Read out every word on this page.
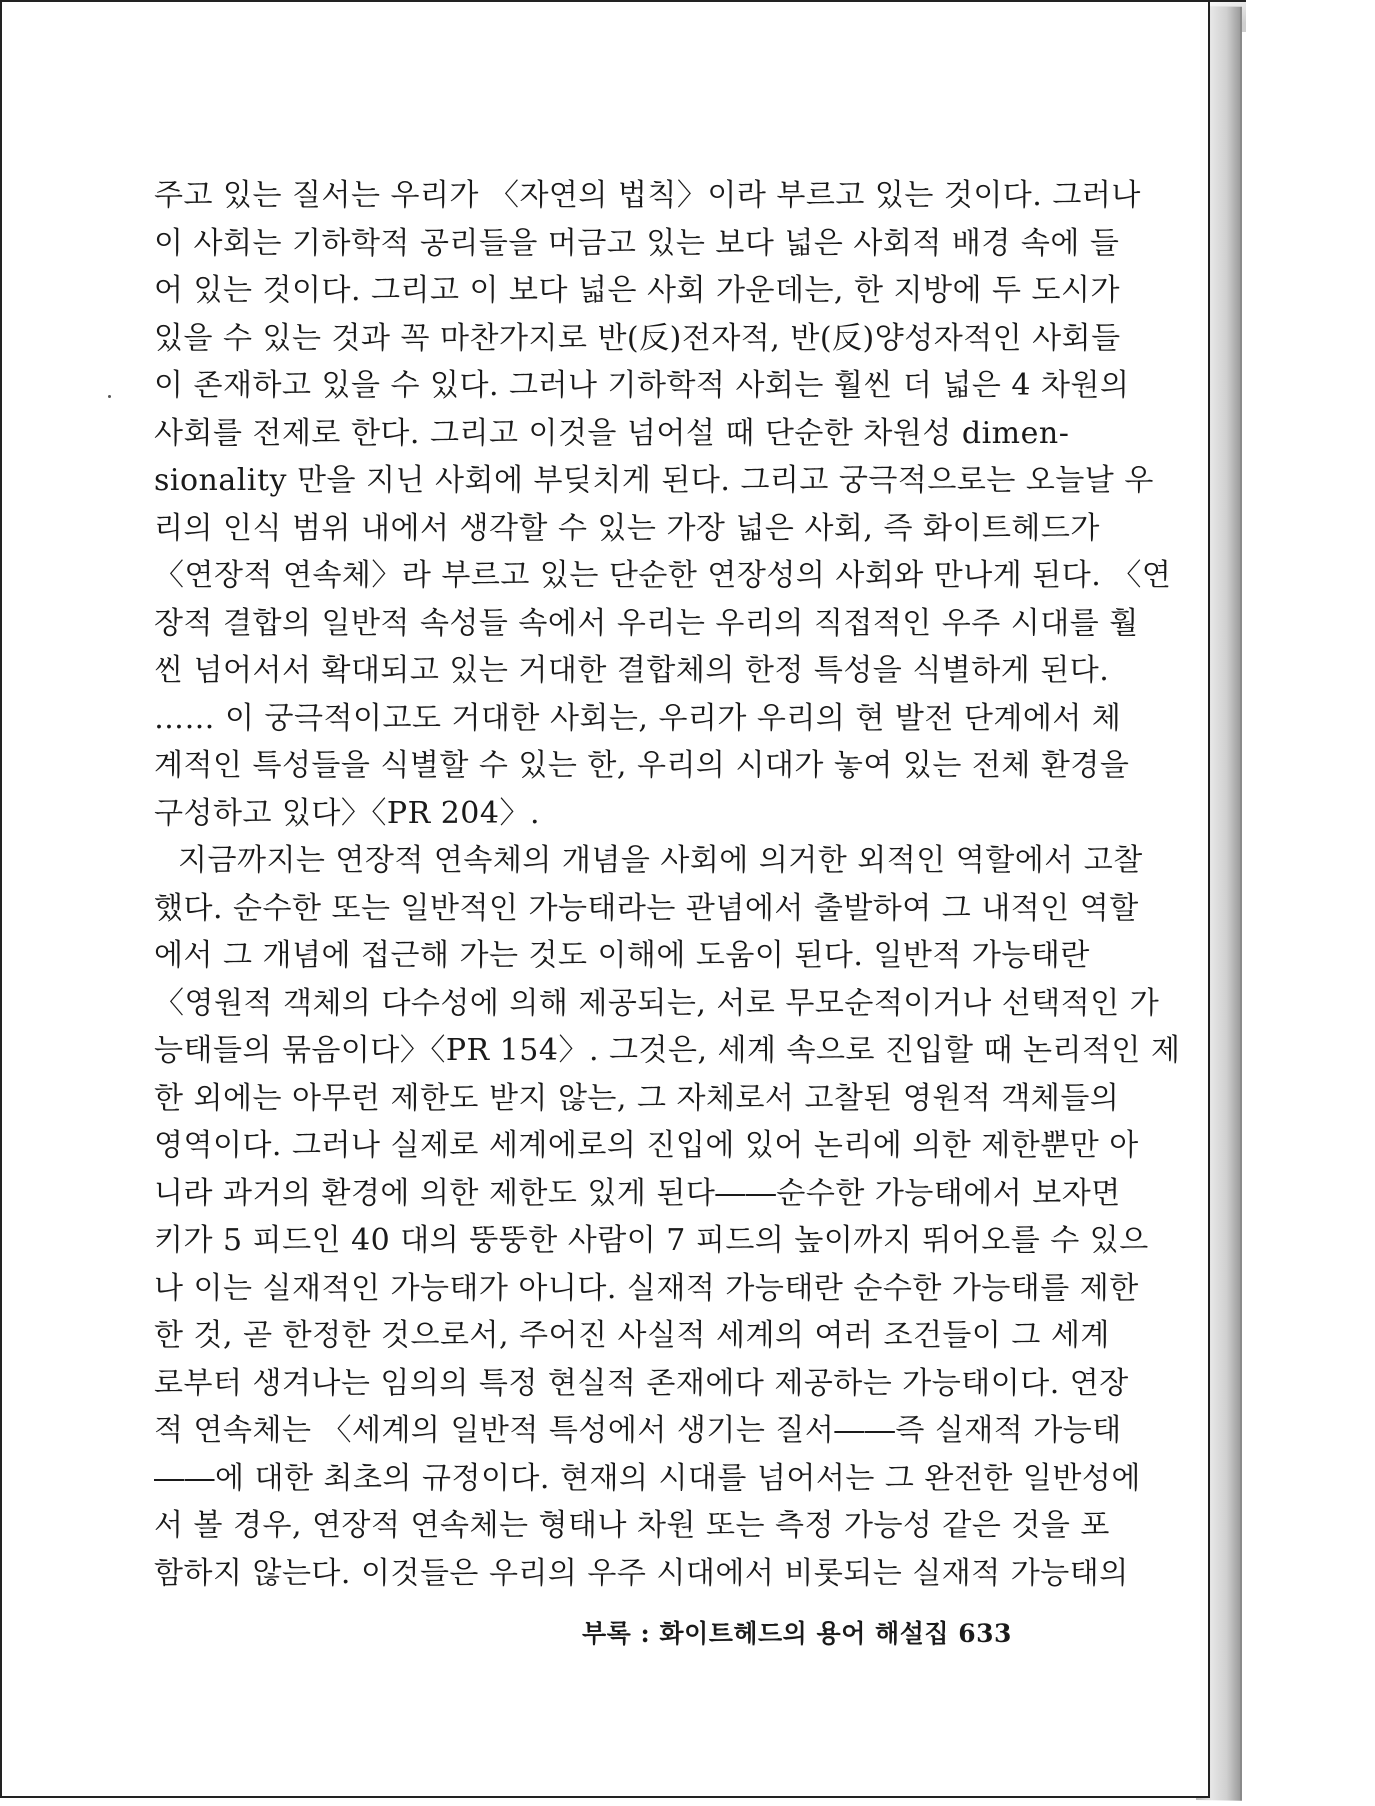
주고 있는 질서는 우리가 〈자연의 법칙〉이라 부르고 있는 것이다. 그러나
이 사회는 기하학적 공리들을 머금고 있는 보다 넓은 사회적 배경 속에 들
어 있는 것이다. 그리고 이 보다 넓은 사회 가운데는, 한 지방에 두 도시가
있을 수 있는 것과 꼭 마찬가지로 반(反)전자적, 반(反)양성자적인 사회들
이 존재하고 있을 수 있다. 그러나 기하학적 사회는 훨씬 더 넓은 4 차원의
사회를 전제로 한다. 그리고 이것을 넘어설 때 단순한 차원성 dimen-
sionality 만을 지닌 사회에 부딪치게 된다. 그리고 궁극적으로는 오늘날 우
리의 인식 범위 내에서 생각할 수 있는 가장 넓은 사회, 즉 화이트헤드가
〈연장적 연속체〉라 부르고 있는 단순한 연장성의 사회와 만나게 된다. 〈연
장적 결합의 일반적 속성들 속에서 우리는 우리의 직접적인 우주 시대를 훨
씬 넘어서서 확대되고 있는 거대한 결합체의 한정 특성을 식별하게 된다.
…… 이 궁극적이고도 거대한 사회는, 우리가 우리의 현 발전 단계에서 체
계적인 특성들을 식별할 수 있는 한, 우리의 시대가 놓여 있는 전체 환경을
구성하고 있다〉〈PR 204〉.
지금까지는 연장적 연속체의 개념을 사회에 의거한 외적인 역할에서 고찰
했다. 순수한 또는 일반적인 가능태라는 관념에서 출발하여 그 내적인 역할
에서 그 개념에 접근해 가는 것도 이해에 도움이 된다. 일반적 가능태란
〈영원적 객체의 다수성에 의해 제공되는, 서로 무모순적이거나 선택적인 가
능태들의 묶음이다〉〈PR 154〉. 그것은, 세계 속으로 진입할 때 논리적인 제
한 외에는 아무런 제한도 받지 않는, 그 자체로서 고찰된 영원적 객체들의
영역이다. 그러나 실제로 세계에로의 진입에 있어 논리에 의한 제한뿐만 아
니라 과거의 환경에 의한 제한도 있게 된다――순수한 가능태에서 보자면
키가 5 피드인 40 대의 뚱뚱한 사람이 7 피드의 높이까지 뛰어오를 수 있으
나 이는 실재적인 가능태가 아니다. 실재적 가능태란 순수한 가능태를 제한
한 것, 곧 한정한 것으로서, 주어진 사실적 세계의 여러 조건들이 그 세계
로부터 생겨나는 임의의 특정 현실적 존재에다 제공하는 가능태이다. 연장
적 연속체는 〈세계의 일반적 특성에서 생기는 질서――즉 실재적 가능태
――에 대한 최초의 규정이다. 현재의 시대를 넘어서는 그 완전한 일반성에
서 볼 경우, 연장적 연속체는 형태나 차원 또는 측정 가능성 같은 것을 포
함하지 않는다. 이것들은 우리의 우주 시대에서 비롯되는 실재적 가능태의
부록 : 화이트헤드의 용어 해설집 633
